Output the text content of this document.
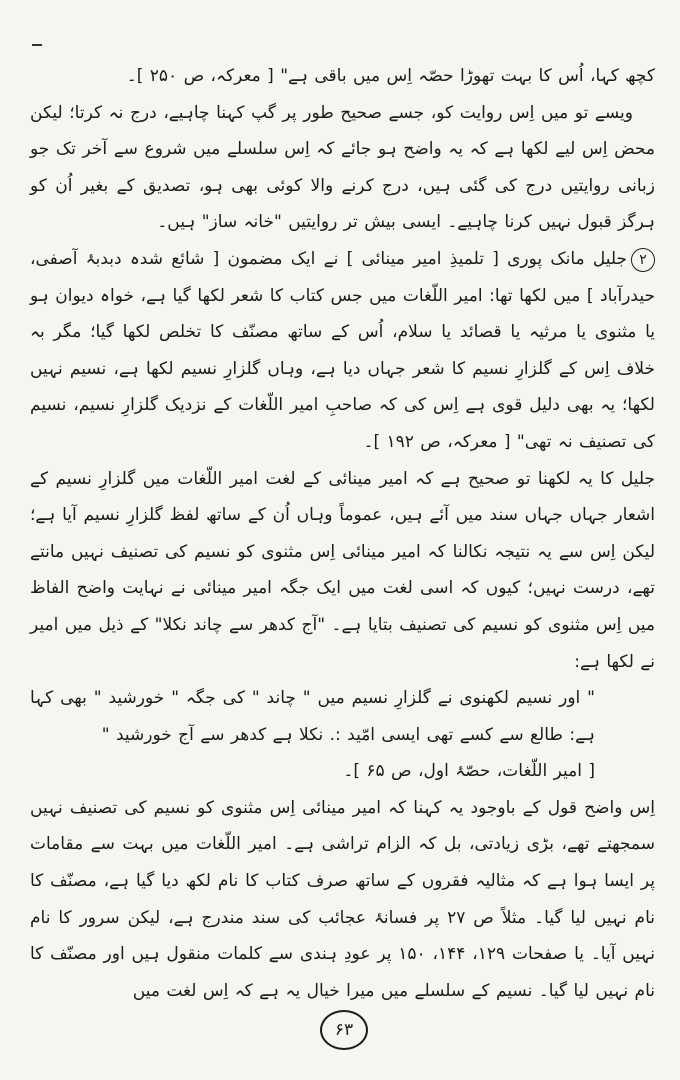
کچھ کہا، اُس کا بہت تھوڑا حصّہ اِس میں باقی ہے" [ معرکہ، ص ۲۵۰ ]۔

ویسے تو میں اِس روایت کو، جسے صحیح طور پر گپ کہنا چاہیے، درج نہ کرتا؛ لیکن محض اِس لیے لکھا ہے کہ یہ واضح ہو جائے کہ اِس سلسلے میں شروع سے آخر تک جو زبانی روایتیں درج کی گئی ہیں، درج کرنے والا کوئی بھی ہو، تصدیق کے بغیر اُن کو ہرگز قبول نہیں کرنا چاہیے۔ ایسی بیش تر روایتیں "خانہ ساز" ہیں۔

۲جلیل مانک پوری [ تلمیذِ امیر مینائی ] نے ایک مضمون [ شائع شدہ دبدبۂ آصفی، حیدرآباد ] میں لکھا تھا: امیر اللّغات میں جس کتاب کا شعر لکھا گیا ہے، خواہ دیوان ہو یا مثنوی یا مرثیہ یا قصائد یا سلام، اُس کے ساتھ مصنّف کا تخلص لکھا گیا؛ مگر بہ خلاف اِس کے گلزارِ نسیم کا شعر جہاں دیا ہے، وہاں گلزارِ نسیم لکھا ہے، نسیم نہیں لکھا؛ یہ بھی دلیل قوی ہے اِس کی کہ صاحبِ امیر اللّغات کے نزدیک گلزارِ نسیم، نسیم کی تصنیف نہ تھی" [ معرکہ، ص ۱۹۲ ]۔

جلیل کا یہ لکھنا تو صحیح ہے کہ امیر مینائی کے لغت امیر اللّغات میں گلزارِ نسیم کے اشعار جہاں جہاں سند میں آئے ہیں، عموماً وہاں اُن کے ساتھ لفظ گلزارِ نسیم آیا ہے؛ لیکن اِس سے یہ نتیجہ نکالنا کہ امیر مینائی اِس مثنوی کو نسیم کی تصنیف نہیں مانتے تھے، درست نہیں؛ کیوں کہ اسی لغت میں ایک جگہ امیر مینائی نے نہایت واضح الفاظ میں اِس مثنوی کو نسیم کی تصنیف بتایا ہے۔ "آج کدھر سے چاند نکلا" کے ذیل میں امیر نے لکھا ہے:

" اور نسیم لکھنوی نے گلزارِ نسیم میں " چاند " کی جگہ " خورشید " بھی کہا ہے: طالع سے کسے تھی ایسی امّید :. نکلا ہے کدھر سے آج خورشید "

[ امیر اللّغات، حصّۂ اول، ص ۶۵ ]۔

اِس واضح قول کے باوجود یہ کہنا کہ امیر مینائی اِس مثنوی کو نسیم کی تصنیف نہیں سمجھتے تھے، بڑی زیادتی، بل کہ الزام تراشی ہے۔ امیر اللّغات میں بہت سے مقامات پر ایسا ہوا ہے کہ مثالیہ فقروں کے ساتھ صرف کتاب کا نام لکھ دیا گیا ہے، مصنّف کا نام نہیں لیا گیا۔ مثلاً ص ۲۷ پر فسانۂ عجائب کی سند مندرج ہے، لیکن سرور کا نام نہیں آیا۔ یا صفحات ۱۲۹، ۱۴۴، ۱۵۰ پر عودِ ہندی سے کلمات منقول ہیں اور مصنّف کا نام نہیں لیا گیا۔ نسیم کے سلسلے میں میرا خیال یہ ہے کہ اِس لغت میں

۶۳
